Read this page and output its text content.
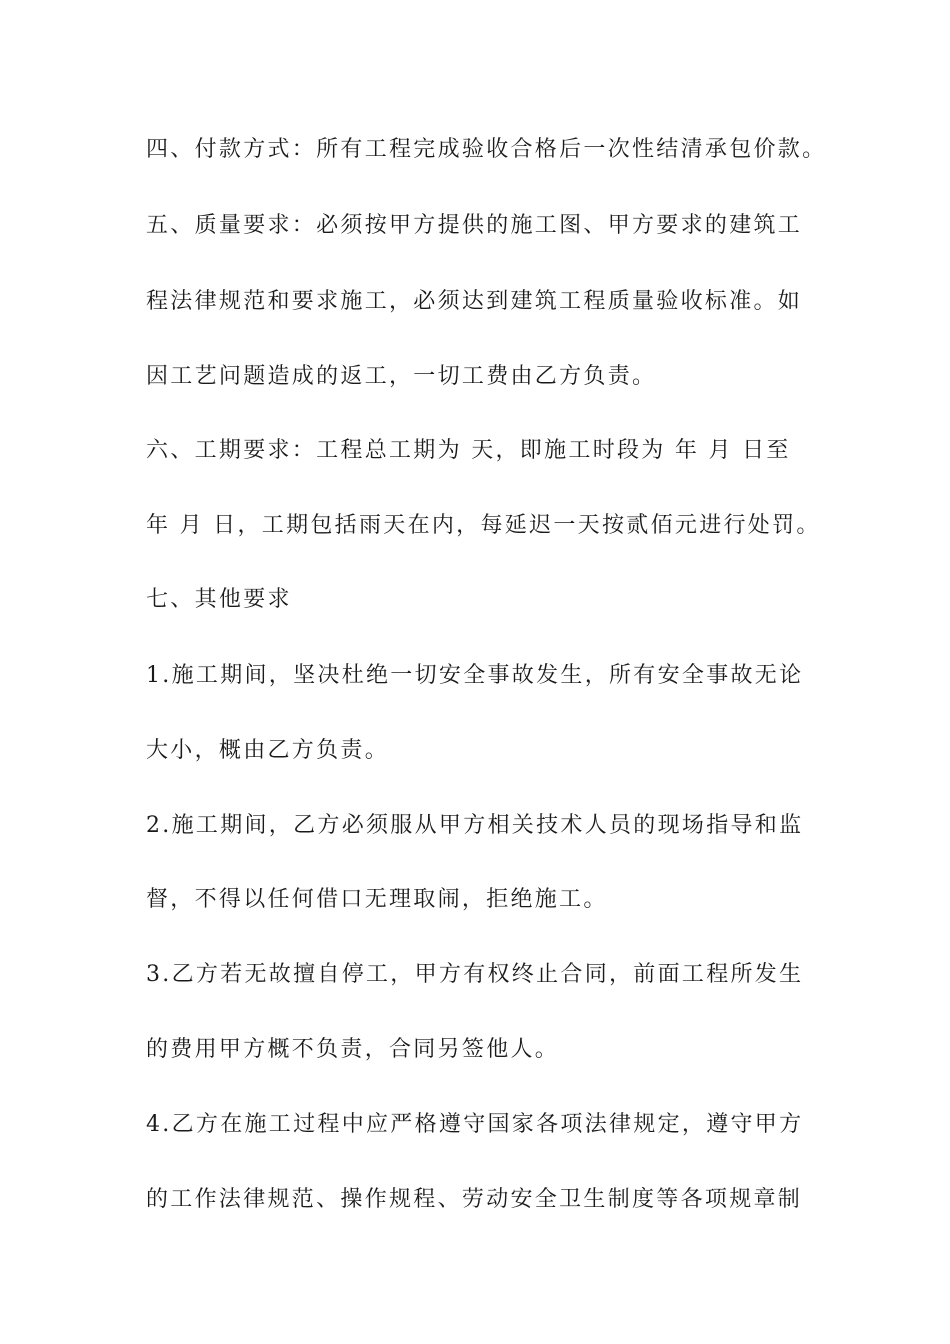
四、付款方式：所有工程完成验收合格后一次性结清承包价款。
五、质量要求：必须按甲方提供的施工图、甲方要求的建筑工
程法律规范和要求施工，必须达到建筑工程质量验收标准。如
因工艺问题造成的返工，一切工费由乙方负责。
六、工期要求：工程总工期为 天，即施工时段为 年 月 日至
年 月 日，工期包括雨天在内，每延迟一天按贰佰元进行处罚。
七、其他要求
1.施工期间，坚决杜绝一切安全事故发生，所有安全事故无论
大小，概由乙方负责。
2.施工期间，乙方必须服从甲方相关技术人员的现场指导和监
督，不得以任何借口无理取闹，拒绝施工。
3.乙方若无故擅自停工，甲方有权终止合同，前面工程所发生
的费用甲方概不负责，合同另签他人。
4.乙方在施工过程中应严格遵守国家各项法律规定，遵守甲方
的工作法律规范、操作规程、劳动安全卫生制度等各项规章制
